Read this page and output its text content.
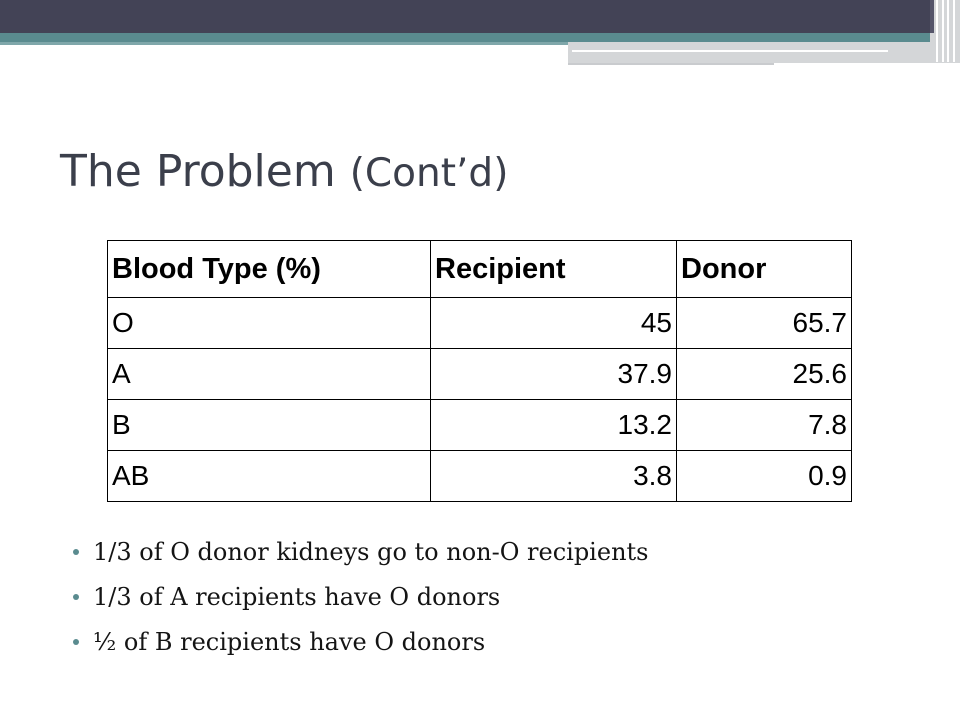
The Problem (Cont’d)
Blood Type (%)	Recipient	Donor
O	45	65.7
A	37.9	25.6
B	13.2	7.8
AB	3.8	0.9
1/3 of O donor kidneys go to non-O recipients
1/3 of A recipients have O donors
½ of B recipients have O donors
